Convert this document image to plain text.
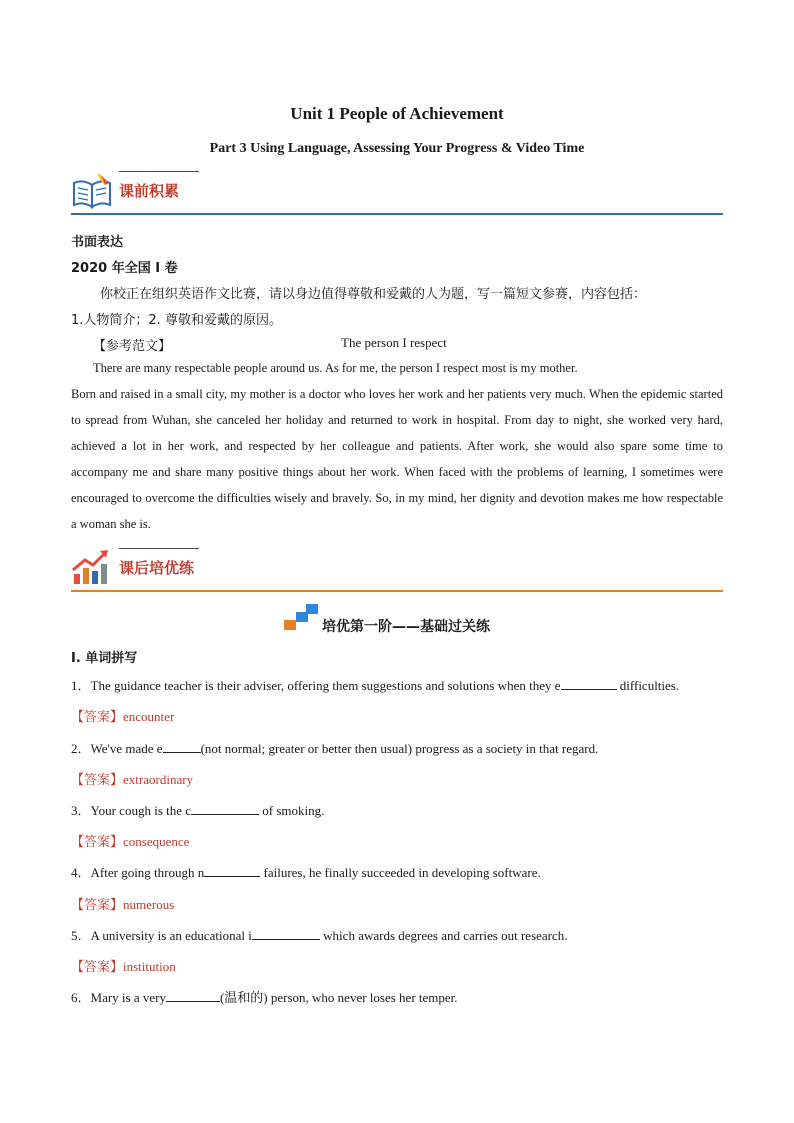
Unit 1 People of Achievement
Part 3 Using Language, Assessing Your Progress & Video Time
课前积累
书面表达
2020 年全国 I 卷
你校正在组织英语作文比赛，请以身边值得尊敬和爱戴的人为题，写一篇短文参赛，内容包括：
1.人物简介；2. 尊敬和爱戴的原因。
【参考范文】	The person I respect
There are many respectable people around us. As for me, the person I respect most is my mother.
Born and raised in a small city, my mother is a doctor who loves her work and her patients very much. When the epidemic started to spread from Wuhan, she canceled her holiday and returned to work in hospital. From day to night, she worked very hard, achieved a lot in her work, and respected by her colleague and patients. After work, she would also spare some time to accompany me and share many positive things about her work. When faced with the problems of learning, I sometimes were encouraged to overcome the difficulties wisely and bravely. So, in my mind, her dignity and devotion makes me how respectable a woman she is.
课后培优练
培优第一阶——基础过关练
I. 单词拼写
1．The guidance teacher is their adviser, offering them suggestions and solutions when they e	difficulties.
【答案】encounter
2．We've made e	(not normal; greater or better then usual) progress as a society in that regard.
【答案】extraordinary
3．Your cough is the c	of smoking.
【答案】consequence
4．After going through n	failures, he finally succeeded in developing software.
【答案】numerous
5．A university is an educational i	which awards degrees and carries out research.
【答案】institution
6．Mary is a very	(温和的) person, who never loses her temper.
